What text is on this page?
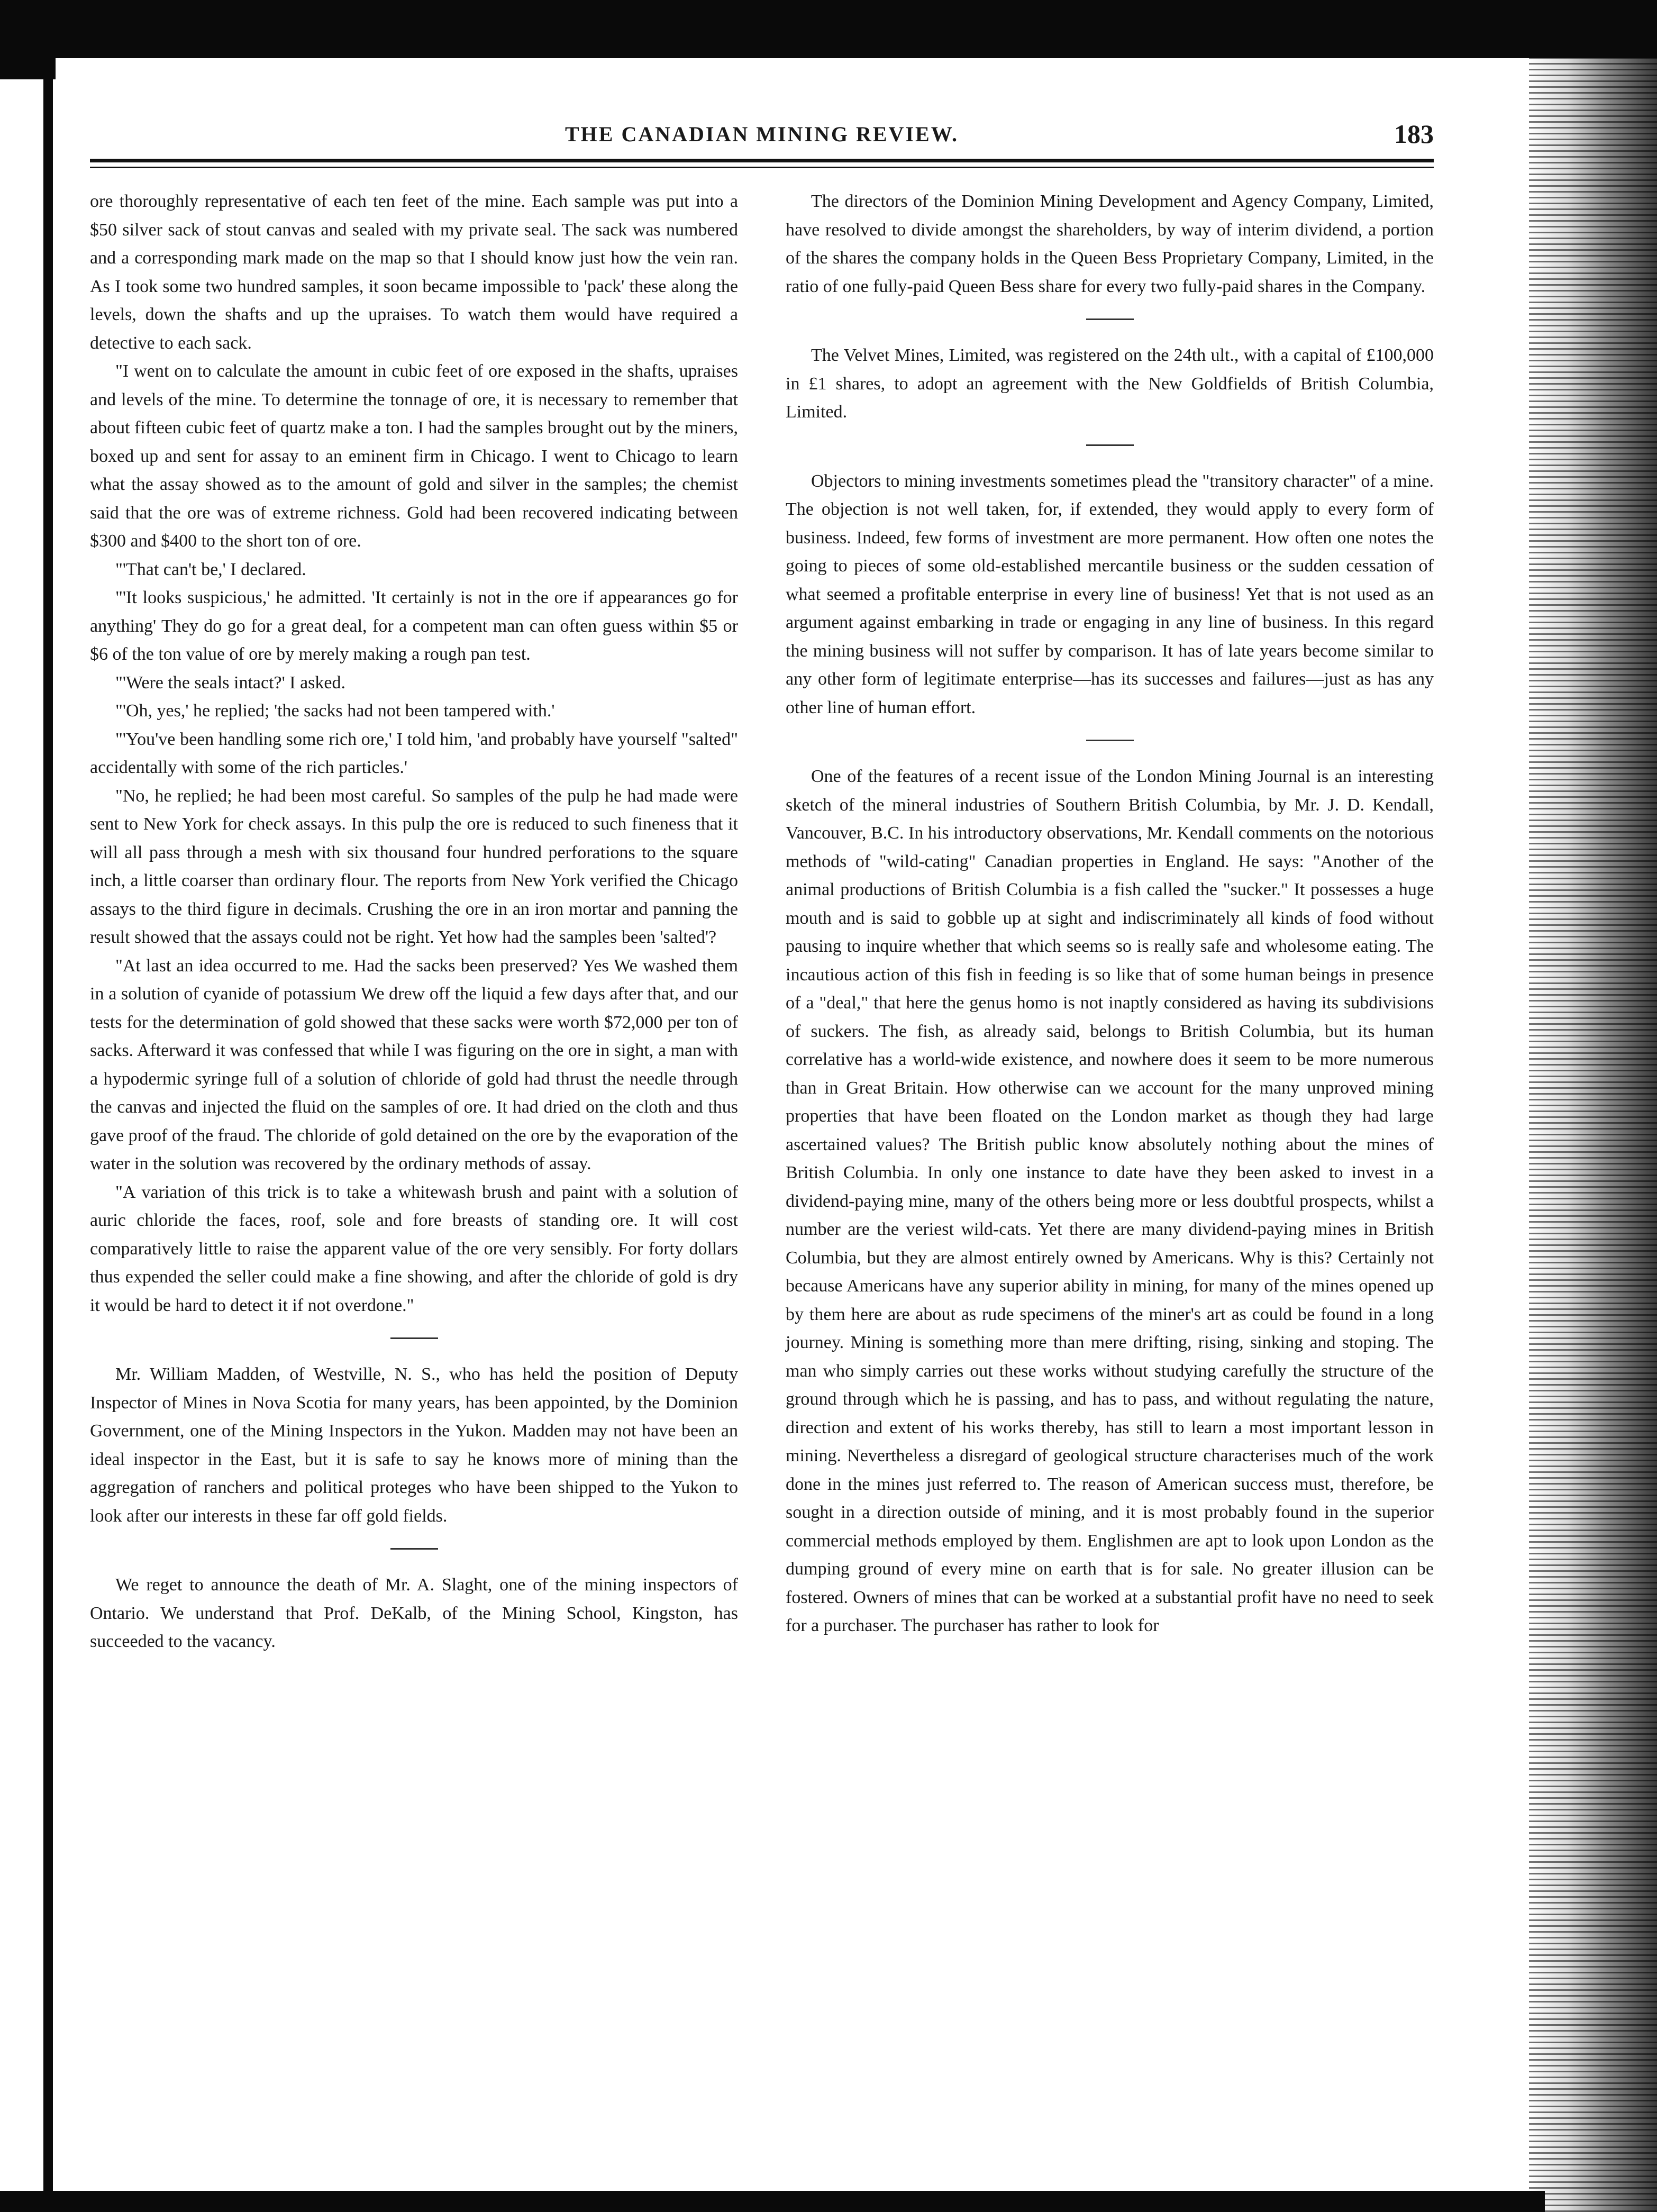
THE CANADIAN MINING REVIEW.	183

ore thoroughly representative of each ten feet of the mine. Each sample was put into a $50 silver sack of stout canvas and sealed with my private seal. The sack was numbered and a corresponding mark made on the map so that I should know just how the vein ran. As I took some two hundred samples, it soon became impossible to 'pack' these along the levels, down the shafts and up the upraises. To watch them would have required a detective to each sack.

"I went on to calculate the amount in cubic feet of ore exposed in the shafts, upraises and levels of the mine. To determine the tonnage of ore, it is necessary to remember that about fifteen cubic feet of quartz make a ton. I had the samples brought out by the miners, boxed up and sent for assay to an eminent firm in Chicago. I went to Chicago to learn what the assay showed as to the amount of gold and silver in the samples; the chemist said that the ore was of extreme richness. Gold had been recovered indicating between $300 and $400 to the short ton of ore.

"'That can't be,' I declared.

"'It looks suspicious,' he admitted. 'It certainly is not in the ore if appearances go for anything' They do go for a great deal, for a competent man can often guess within $5 or $6 of the ton value of ore by merely making a rough pan test.

"'Were the seals intact?' I asked.

"'Oh, yes,' he replied; 'the sacks had not been tampered with.'

"'You've been handling some rich ore,' I told him, 'and probably have yourself "salted" accidentally with some of the rich particles.'

"No, he replied; he had been most careful. So samples of the pulp he had made were sent to New York for check assays. In this pulp the ore is reduced to such fineness that it will all pass through a mesh with six thousand four hundred perforations to the square inch, a little coarser than ordinary flour. The reports from New York verified the Chicago assays to the third figure in decimals. Crushing the ore in an iron mortar and panning the result showed that the assays could not be right. Yet how had the samples been 'salted'?

"At last an idea occurred to me. Had the sacks been preserved? Yes We washed them in a solution of cyanide of potassium We drew off the liquid a few days after that, and our tests for the determination of gold showed that these sacks were worth $72,000 per ton of sacks. Afterward it was confessed that while I was figuring on the ore in sight, a man with a hypodermic syringe full of a solution of chloride of gold had thrust the needle through the canvas and injected the fluid on the samples of ore. It had dried on the cloth and thus gave proof of the fraud. The chloride of gold detained on the ore by the evaporation of the water in the solution was recovered by the ordinary methods of assay.

"A variation of this trick is to take a whitewash brush and paint with a solution of auric chloride the faces, roof, sole and fore breasts of standing ore. It will cost comparatively little to raise the apparent value of the ore very sensibly. For forty dollars thus expended the seller could make a fine showing, and after the chloride of gold is dry it would be hard to detect it if not overdone."

Mr. William Madden, of Westville, N. S., who has held the position of Deputy Inspector of Mines in Nova Scotia for many years, has been appointed, by the Dominion Government, one of the Mining Inspectors in the Yukon. Madden may not have been an ideal inspector in the East, but it is safe to say he knows more of mining than the aggregation of ranchers and political proteges who have been shipped to the Yukon to look after our interests in these far off gold fields.

We reget to announce the death of Mr. A. Slaght, one of the mining inspectors of Ontario. We understand that Prof. DeKalb, of the Mining School, Kingston, has succeeded to the vacancy.

The directors of the Dominion Mining Development and Agency Company, Limited, have resolved to divide amongst the shareholders, by way of interim dividend, a portion of the shares the company holds in the Queen Bess Proprietary Company, Limited, in the ratio of one fully-paid Queen Bess share for every two fully-paid shares in the Company.

The Velvet Mines, Limited, was registered on the 24th ult., with a capital of £100,000 in £1 shares, to adopt an agreement with the New Goldfields of British Columbia, Limited.

Objectors to mining investments sometimes plead the "transitory character" of a mine. The objection is not well taken, for, if extended, they would apply to every form of business. Indeed, few forms of investment are more permanent. How often one notes the going to pieces of some old-established mercantile business or the sudden cessation of what seemed a profitable enterprise in every line of business! Yet that is not used as an argument against embarking in trade or engaging in any line of business. In this regard the mining business will not suffer by comparison. It has of late years become similar to any other form of legitimate enterprise—has its successes and failures—just as has any other line of human effort.

One of the features of a recent issue of the London Mining Journal is an interesting sketch of the mineral industries of Southern British Columbia, by Mr. J. D. Kendall, Vancouver, B.C. In his introductory observations, Mr. Kendall comments on the notorious methods of "wild-cating" Canadian properties in England. He says: "Another of the animal productions of British Columbia is a fish called the "sucker." It possesses a huge mouth and is said to gobble up at sight and indiscriminately all kinds of food without pausing to inquire whether that which seems so is really safe and wholesome eating. The incautious action of this fish in feeding is so like that of some human beings in presence of a "deal," that here the genus homo is not inaptly considered as having its subdivisions of suckers. The fish, as already said, belongs to British Columbia, but its human correlative has a world-wide existence, and nowhere does it seem to be more numerous than in Great Britain. How otherwise can we account for the many unproved mining properties that have been floated on the London market as though they had large ascertained values? The British public know absolutely nothing about the mines of British Columbia. In only one instance to date have they been asked to invest in a dividend-paying mine, many of the others being more or less doubtful prospects, whilst a number are the veriest wild-cats. Yet there are many dividend-paying mines in British Columbia, but they are almost entirely owned by Americans. Why is this? Certainly not because Americans have any superior ability in mining, for many of the mines opened up by them here are about as rude specimens of the miner's art as could be found in a long journey. Mining is something more than mere drifting, rising, sinking and stoping. The man who simply carries out these works without studying carefully the structure of the ground through which he is passing, and has to pass, and without regulating the nature, direction and extent of his works thereby, has still to learn a most important lesson in mining. Nevertheless a disregard of geological structure characterises much of the work done in the mines just referred to. The reason of American success must, therefore, be sought in a direction outside of mining, and it is most probably found in the superior commercial methods employed by them. Englishmen are apt to look upon London as the dumping ground of every mine on earth that is for sale. No greater illusion can be fostered. Owners of mines that can be worked at a substantial profit have no need to seek for a purchaser. The purchaser has rather to look for
